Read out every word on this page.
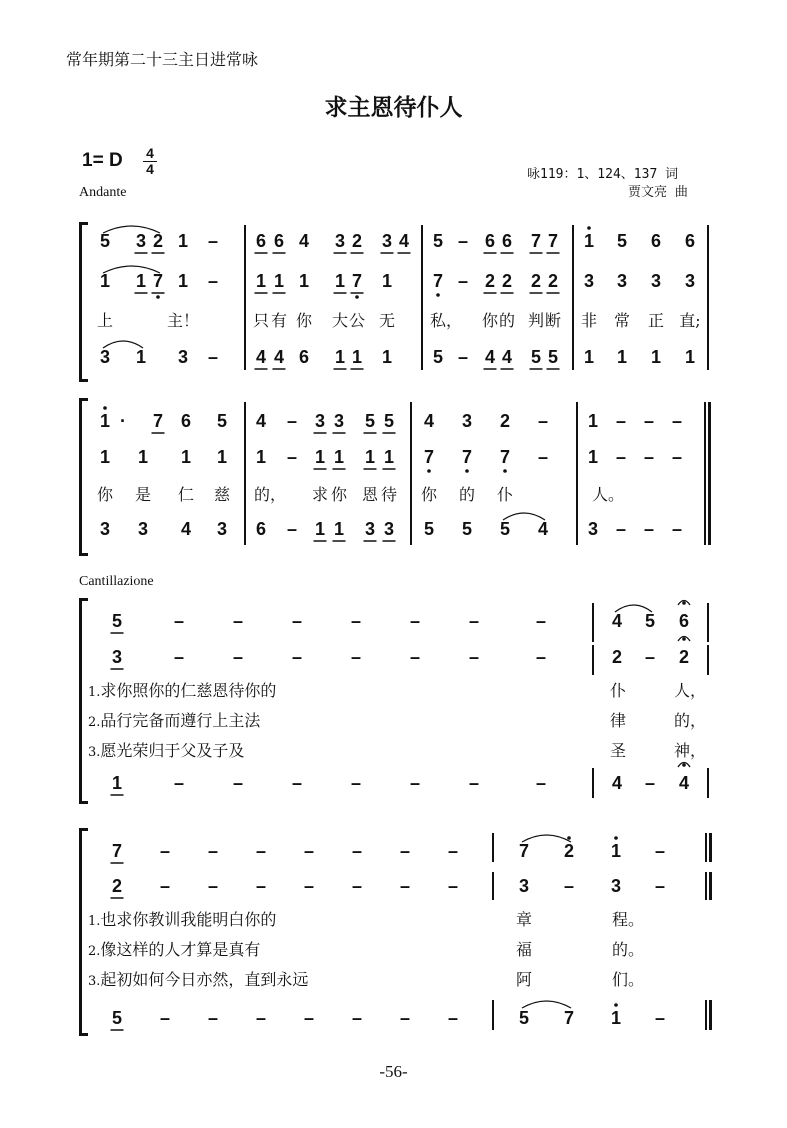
常年期第二十三主日进常咏
求主恩待仆人
1= D $\frac{4}{4}$
Andante
咏119：1、124、137 词
贾文亮 曲
Cantillazione
5 3 2 1 – 6 6 4 3 2 3 4 5 – 6 6 7 7 1 5 6 6
1 1 7 1 – 1 1 1 1 7 1 7 – 2 2 2 2 3 3 3 3
上	主！	只 有 你 大 公 无 私， 你 的 判 断 非 常 正 直;
3 1 3 – 4 4 6 1 1 1 5 – 4 4 5 5 1 1 1 1
1 · 7 6 5 4 – 3 3 5 5 4 3 2 – 1 – – –
1 1 1 1 1 – 1 1 1 1 7 7 7 – 1 – – –
你 是 仁 慈 的， 求 你 恩 待 你 的 仆	人。
3 3 4 3 6 – 1 1 3 3 5 5 5 4 3 – – –
5	–	–	–	–	–	–	–	4 5 6
3	–	–	–	–	–	–	–	2 – 2
1	–	–	–	–	–	–	–	4 – 4
7 – – – – – – –	7 2 1 –
2 – – – – – – –	3 – 3 –
5 – – – – – – –	5 7 1 –
1.求你照你的仁慈恩待你的
2.品行完备而遵行上主法
3.愿光荣归于父及子及
仆	人，
律	的，
圣	神，
1.也求你教训我能明白你的
2.像这样的人才算是真有
3.起初如何今日亦然，直到永远
章	程。
福	的。
阿	们。
-56-
